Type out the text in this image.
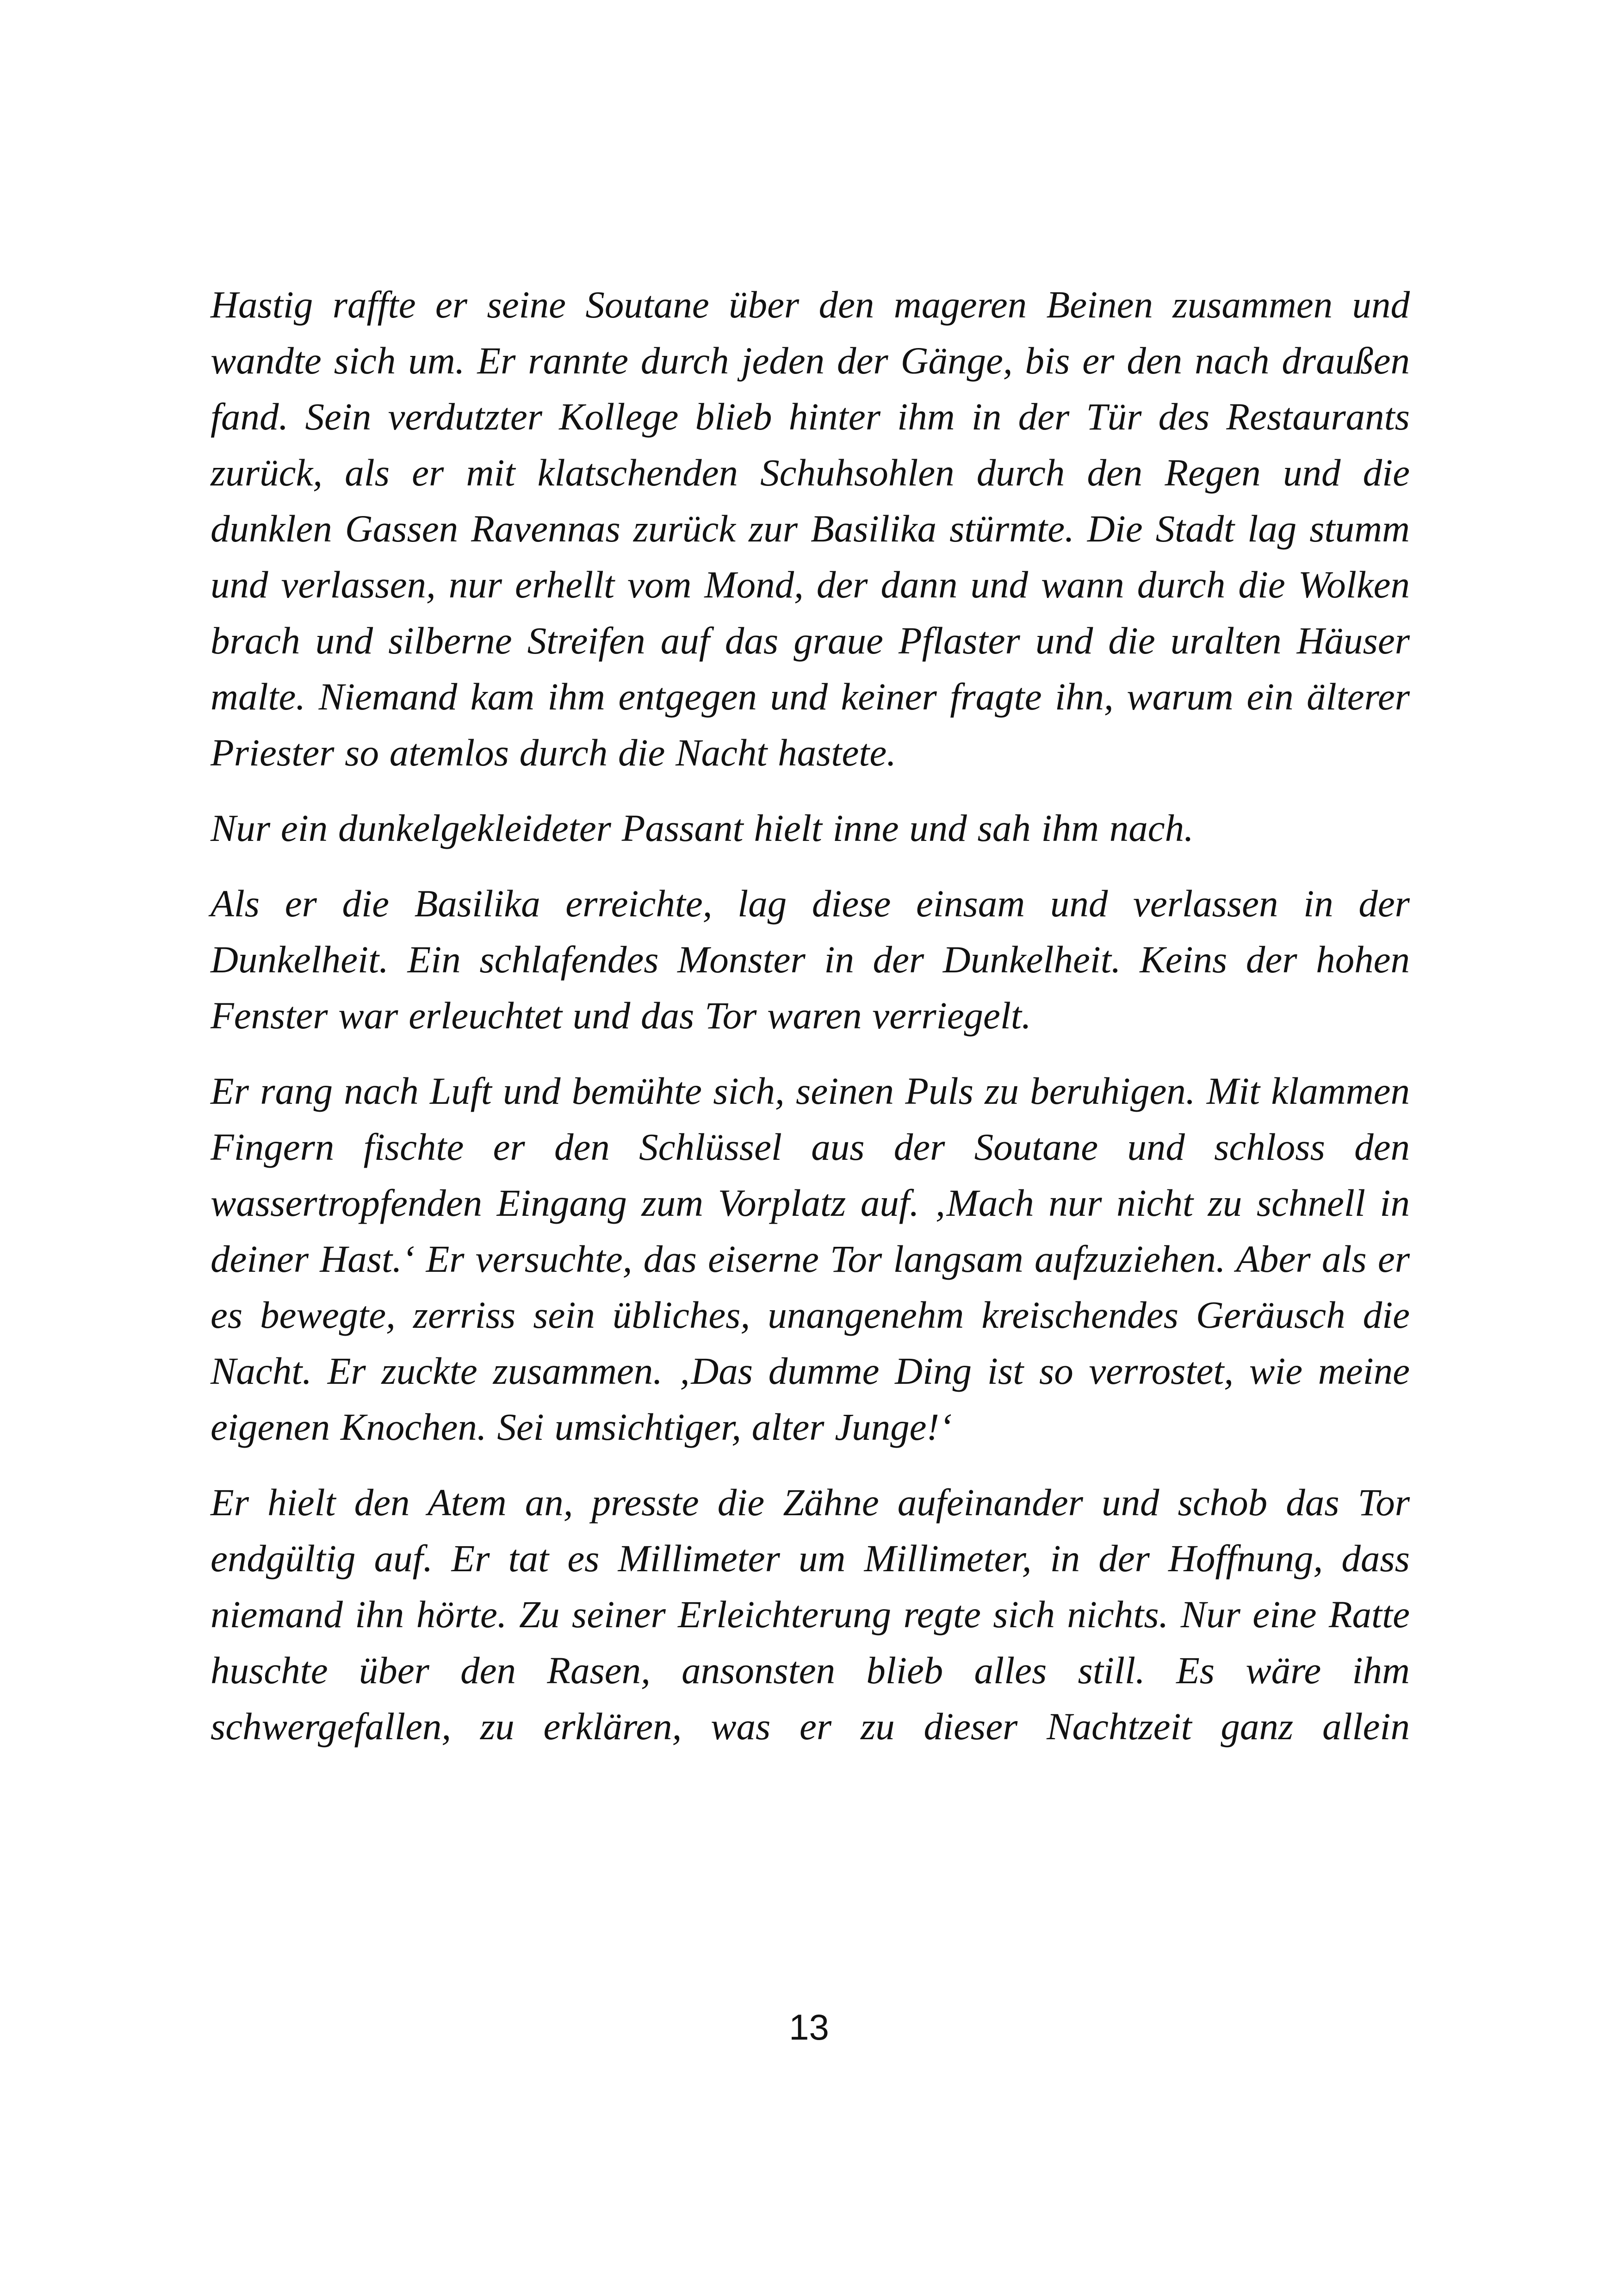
Hastig raffte er seine Soutane über den mageren Beinen zusammen und wandte sich um. Er rannte durch jeden der Gänge, bis er den nach draußen fand. Sein verdutzter Kollege blieb hinter ihm in der Tür des Restaurants zurück, als er mit klatschenden Schuhsohlen durch den Regen und die dunklen Gassen Ravennas zurück zur Basilika stürmte. Die Stadt lag stumm und verlassen, nur erhellt vom Mond, der dann und wann durch die Wolken brach und silberne Streifen auf das graue Pflaster und die uralten Häuser malte. Niemand kam ihm entgegen und keiner fragte ihn, warum ein älterer Priester so atemlos durch die Nacht hastete.

Nur ein dunkelgekleideter Passant hielt inne und sah ihm nach.

Als er die Basilika erreichte, lag diese einsam und verlassen in der Dunkelheit. Ein schlafendes Monster in der Dunkelheit. Keins der hohen Fenster war erleuchtet und das Tor waren verriegelt.

Er rang nach Luft und bemühte sich, seinen Puls zu beruhigen. Mit klammen Fingern fischte er den Schlüssel aus der Soutane und schloss den wassertropfenden Eingang zum Vorplatz auf. ‚Mach nur nicht zu schnell in deiner Hast.‘ Er versuchte, das eiserne Tor langsam aufzuziehen. Aber als er es bewegte, zerriss sein übliches, unangenehm kreischendes Geräusch die Nacht. Er zuckte zusammen. ‚Das dumme Ding ist so verrostet, wie meine eigenen Knochen. Sei umsichtiger, alter Junge!‘

Er hielt den Atem an, presste die Zähne aufeinander und schob das Tor endgültig auf. Er tat es Millimeter um Millimeter, in der Hoffnung, dass niemand ihn hörte. Zu seiner Erleichterung regte sich nichts. Nur eine Ratte huschte über den Rasen, ansonsten blieb alles still. Es wäre ihm schwergefallen, zu erklären, was er zu dieser Nachtzeit ganz allein

13
